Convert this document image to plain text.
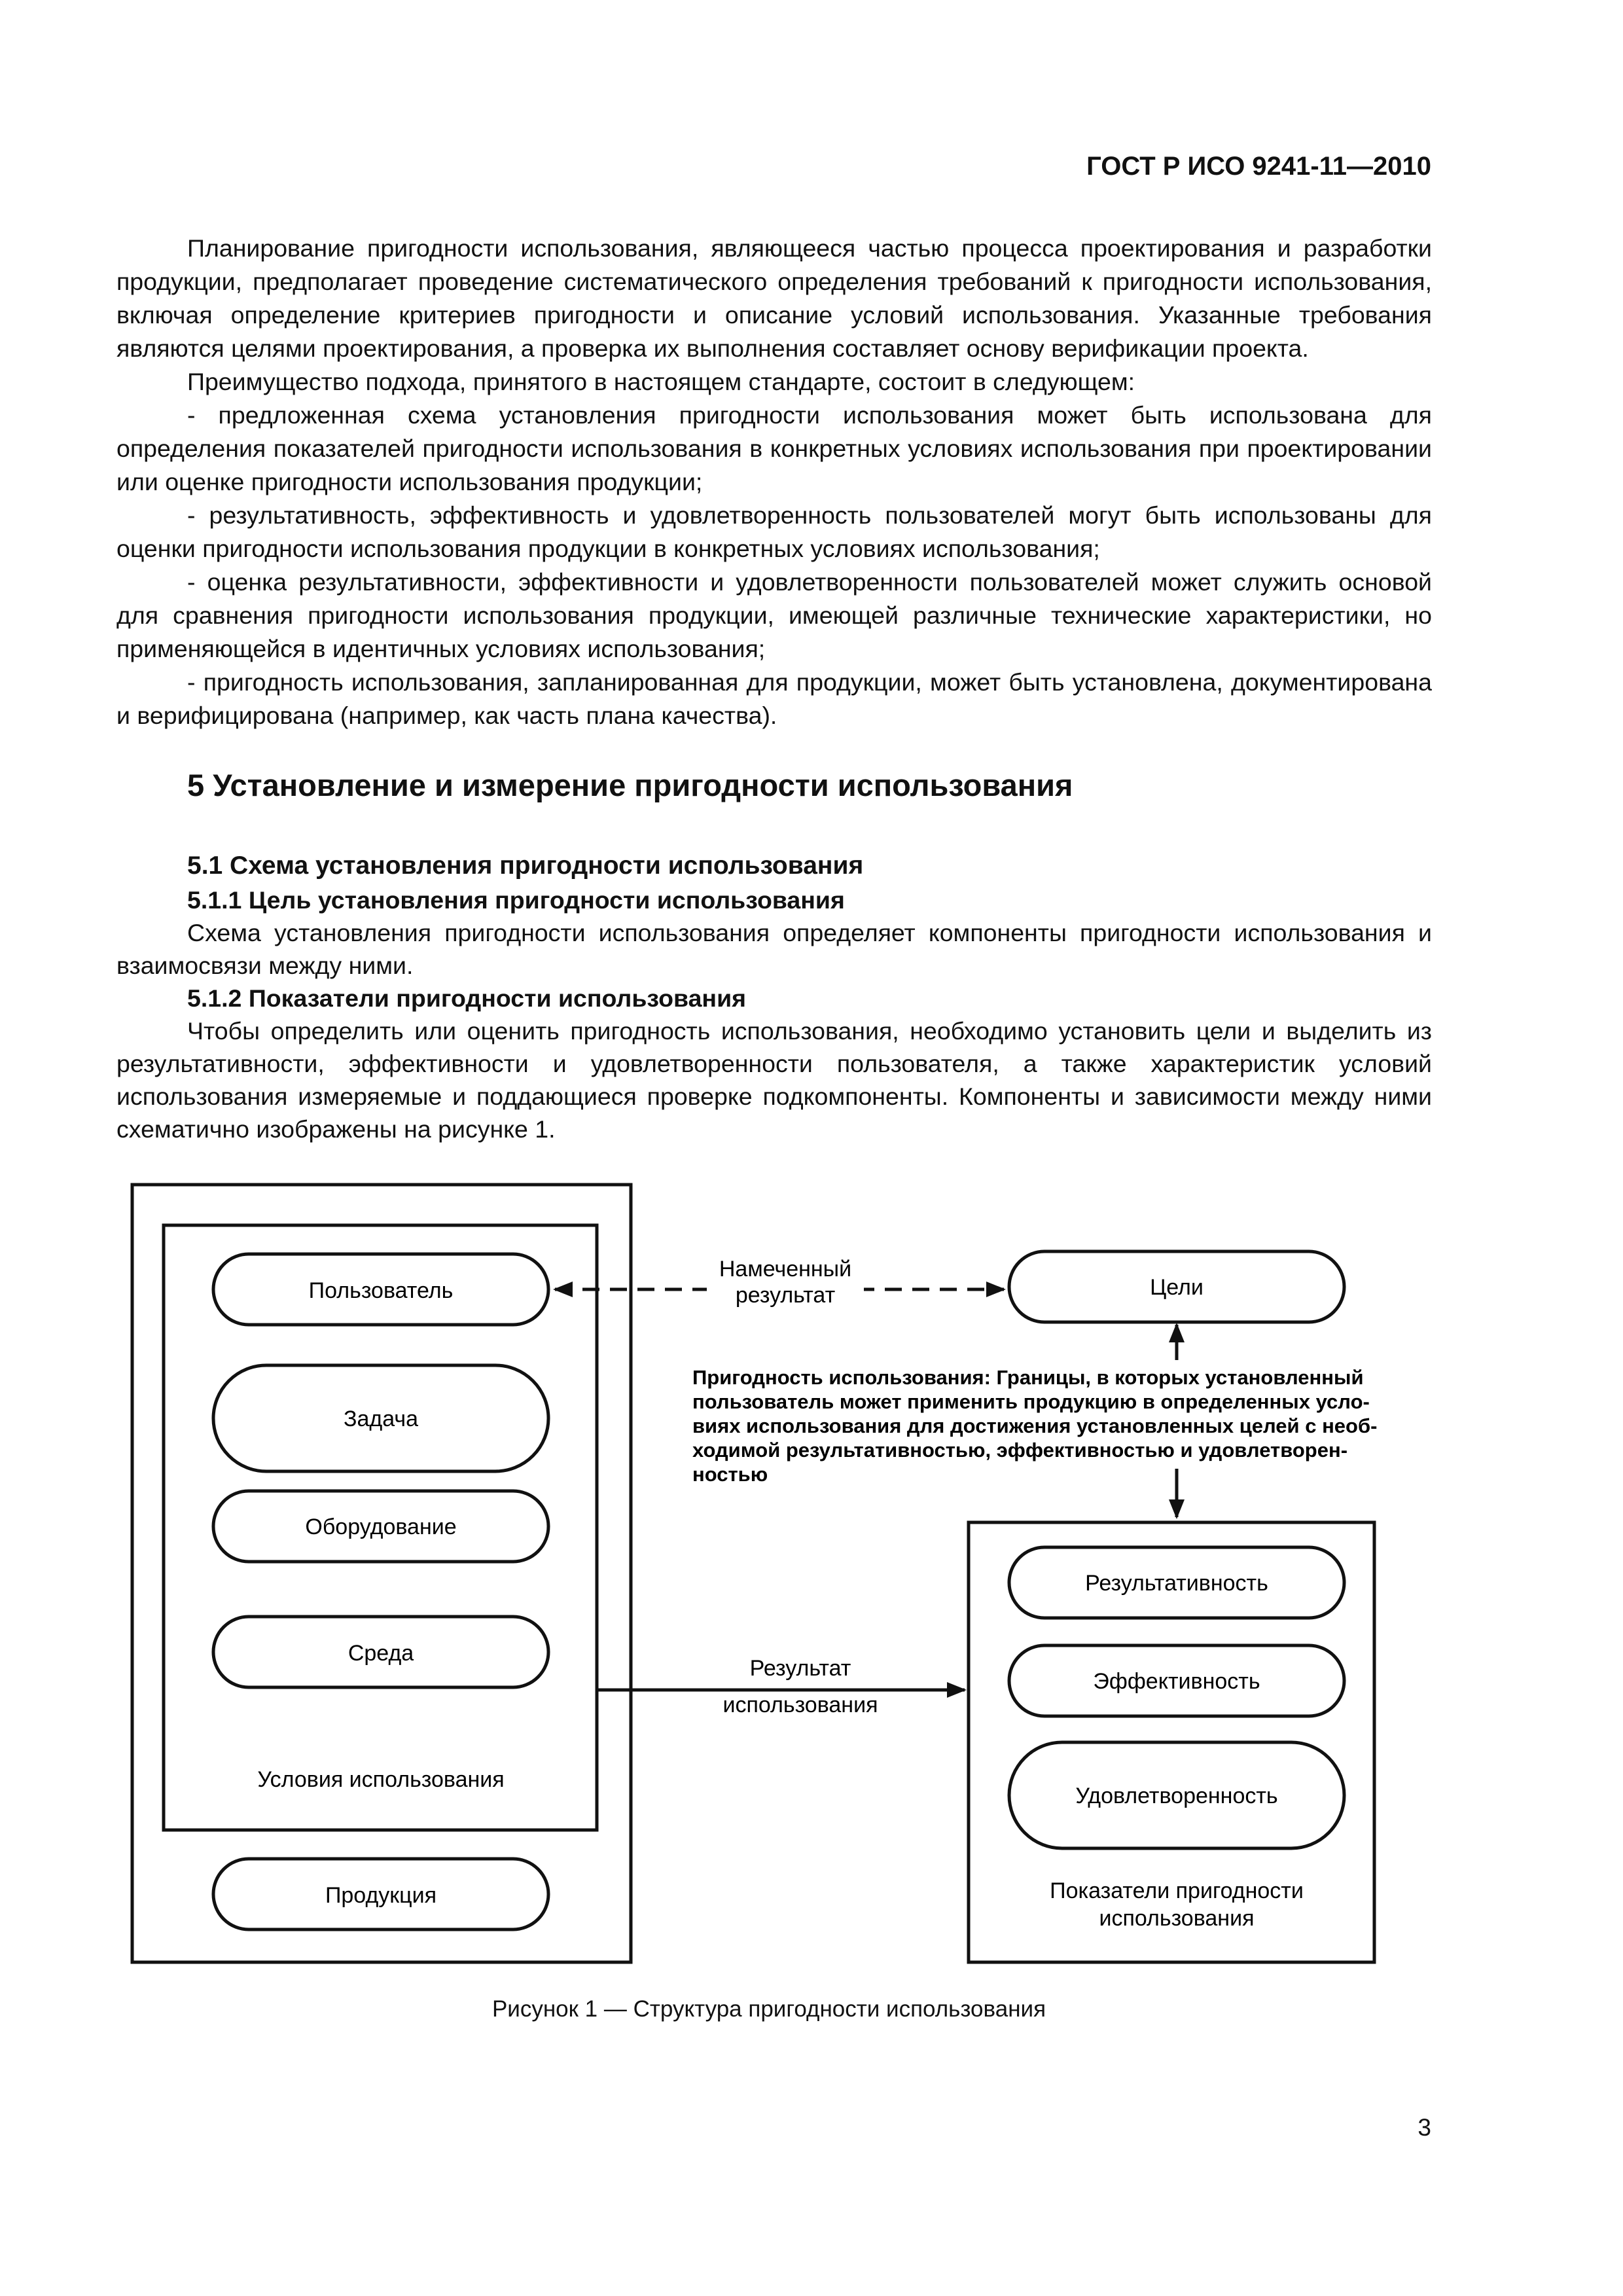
ГОСТ Р ИСО 9241-11—2010

Планирование пригодности использования, являющееся частью процесса проектирования и разработки продукции, предполагает проведение систематического определения требований к пригодности использования, включая определение критериев пригодности и описание условий использования. Указанные требования являются целями проектирования, а проверка их выполнения составляет основу верификации проекта.

Преимущество подхода, принятого в настоящем стандарте, состоит в следующем:

- предложенная схема установления пригодности использования может быть использована для определения показателей пригодности использования в конкретных условиях использования при проектировании или оценке пригодности использования продукции;

- результативность, эффективность и удовлетворенность пользователей могут быть использованы для оценки пригодности использования продукции в конкретных условиях использования;

- оценка результативности, эффективности и удовлетворенности пользователей может служить основой для сравнения пригодности использования продукции, имеющей различные технические характеристики, но применяющейся в идентичных условиях использования;

- пригодность использования, запланированная для продукции, может быть установлена, документирована и верифицирована (например, как часть плана качества).

5 Установление и измерение пригодности использования
5.1 Схема установления пригодности использования
5.1.1 Цель установления пригодности использования

Схема установления пригодности использования определяет компоненты пригодности использования и взаимосвязи между ними.

5.1.2 Показатели пригодности использования

Чтобы определить или оценить пригодность использования, необходимо установить цели и выделить из результативности, эффективности и удовлетворенности пользователя, а также характеристик условий использования измеряемые и поддающиеся проверке подкомпоненты. Компоненты и зависимости между ними схематично изображены на рисунке 1.

Пользователь
Задача
Оборудование
Среда
Условия использования
Продукция
Цели
Намеченный
результат
Пригодность использования: Границы, в которых установленный
пользователь может применить продукцию в определенных усло-
виях использования для достижения установленных целей с необ-
ходимой результативностью, эффективностью и удовлетворен-
ностью
Результативность
Эффективность
Удовлетворенность
Показатели пригодности
использования
Результат
использования
Рисунок 1 — Структура пригодности использования
3
